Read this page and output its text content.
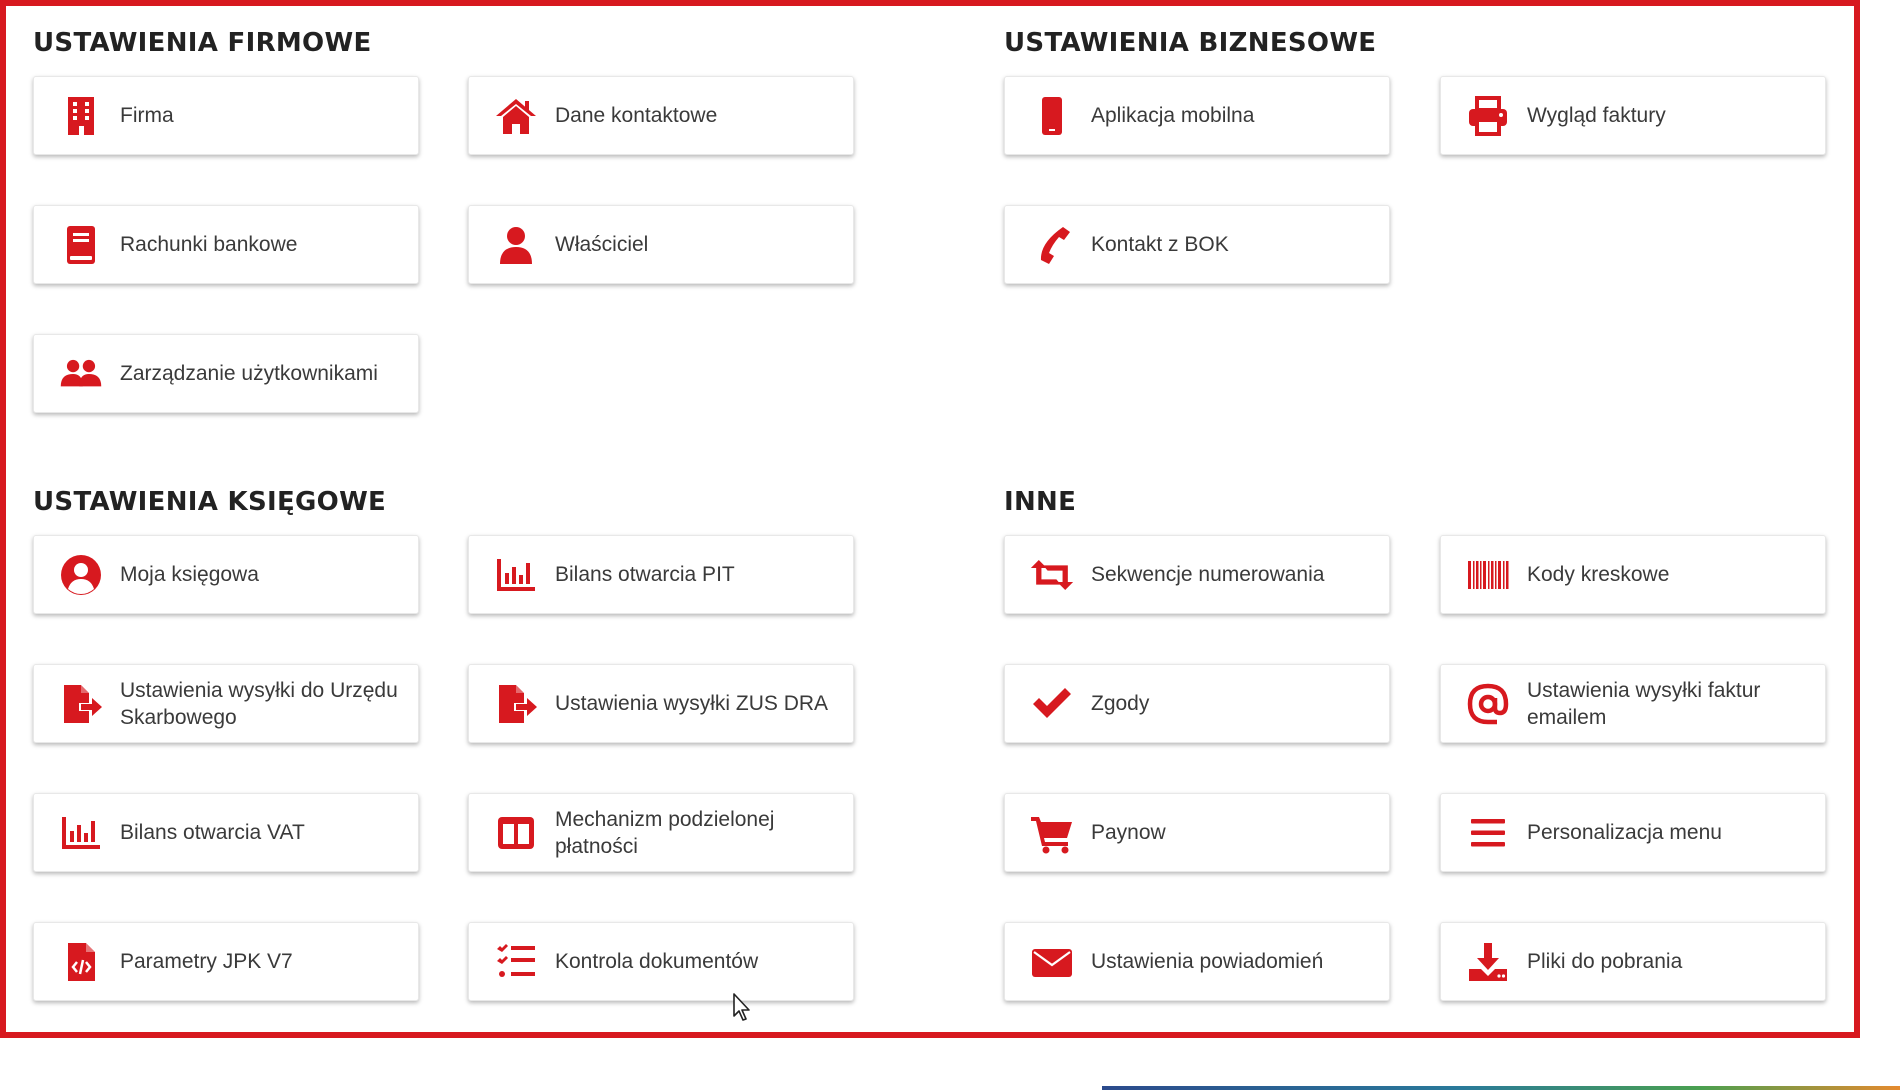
USTAWIENIA FIRMOWE	USTAWIENIA BIZNESOWE
USTAWIENIA KSIĘGOWE	INNE
Firma	Dane kontaktowe
Rachunki bankowe	Właściciel
Zarządzanie użytkownikami
Aplikacja mobilna	Wygląd faktury
Kontakt z BOK
Moja księgowa	Bilans otwarcia PIT
Ustawienia wysyłki do Urzędu Skarbowego
Ustawienia wysyłki ZUS DRA
Bilans otwarcia VAT
Mechanizm podzielonej płatności
Parametry JPK V7	Kontrola dokumentów
Sekwencje numerowania	Kody kreskowe
Zgody
Ustawienia wysyłki faktur emailem
Paynow	Personalizacja menu
Ustawienia powiadomień	Pliki do pobrania
